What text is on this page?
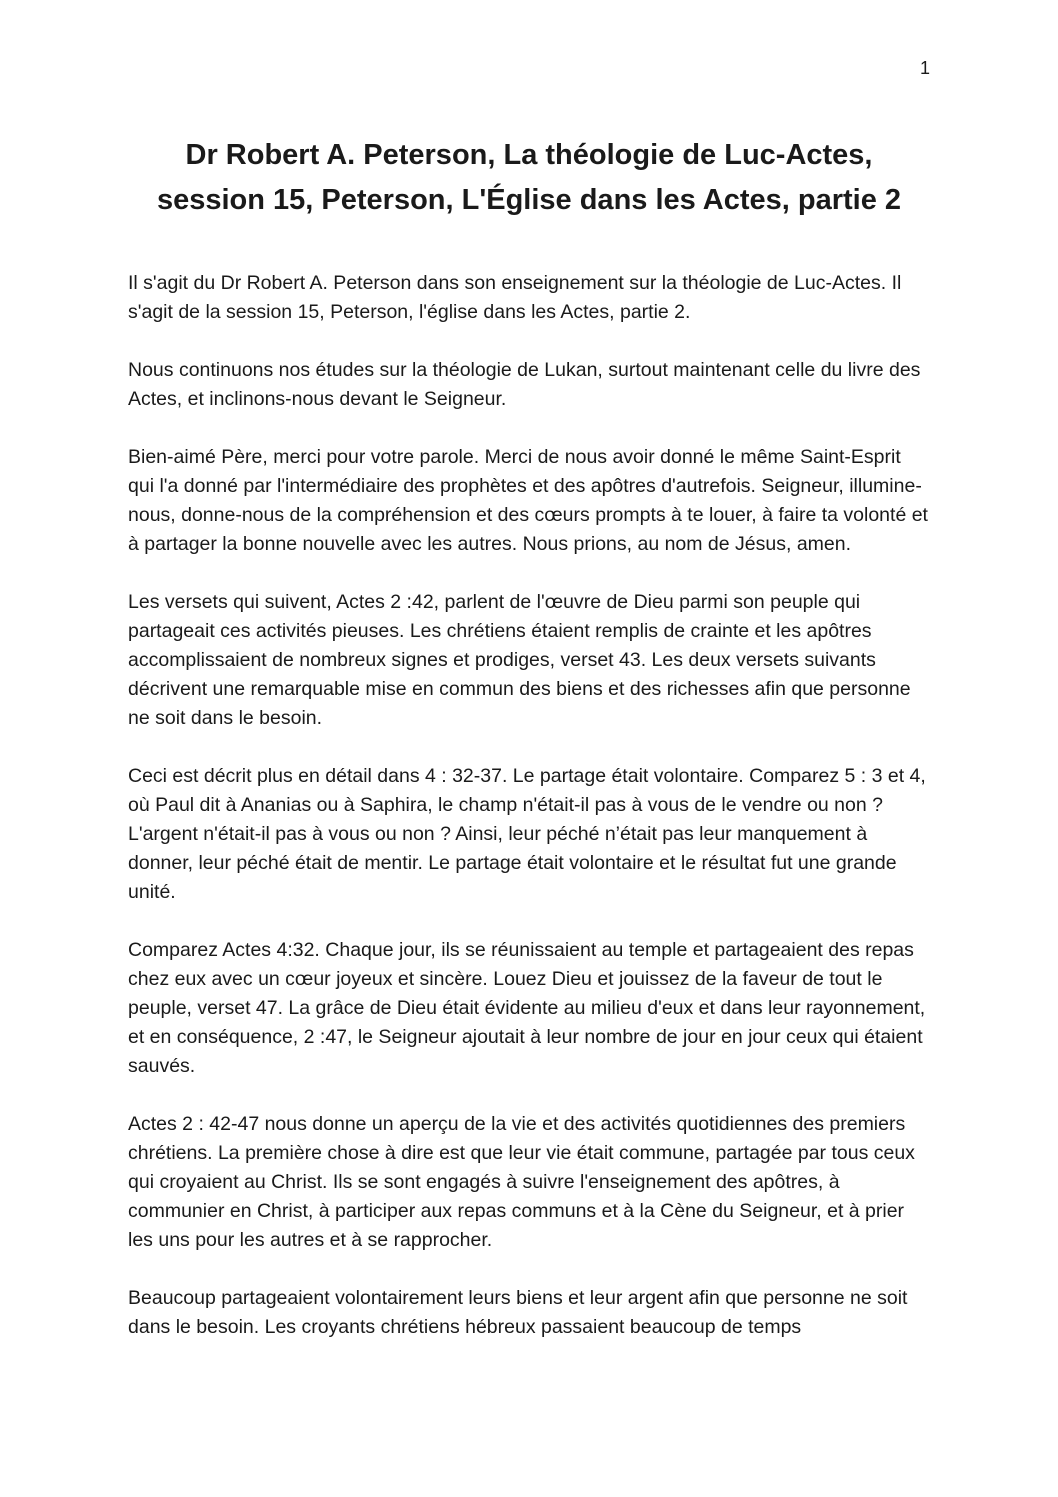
1
Dr Robert A. Peterson, La théologie de Luc-Actes,
session 15, Peterson, L'Église dans les Actes, partie 2

Il s'agit du Dr Robert A. Peterson dans son enseignement sur la théologie de Luc-Actes. Il s'agit de la session 15, Peterson, l'église dans les Actes, partie 2.

Nous continuons nos études sur la théologie de Lukan, surtout maintenant celle du livre des Actes, et inclinons-nous devant le Seigneur.

Bien-aimé Père, merci pour votre parole. Merci de nous avoir donné le même Saint-Esprit qui l'a donné par l'intermédiaire des prophètes et des apôtres d'autrefois. Seigneur, illumine-nous, donne-nous de la compréhension et des cœurs prompts à te louer, à faire ta volonté et à partager la bonne nouvelle avec les autres. Nous prions, au nom de Jésus, amen.

Les versets qui suivent, Actes 2 :42, parlent de l'œuvre de Dieu parmi son peuple qui partageait ces activités pieuses. Les chrétiens étaient remplis de crainte et les apôtres accomplissaient de nombreux signes et prodiges, verset 43. Les deux versets suivants décrivent une remarquable mise en commun des biens et des richesses afin que personne ne soit dans le besoin.

Ceci est décrit plus en détail dans 4 : 32-37. Le partage était volontaire. Comparez 5 : 3 et 4, où Paul dit à Ananias ou à Saphira, le champ n'était-il pas à vous de le vendre ou non ? L'argent n'était-il pas à vous ou non ? Ainsi, leur péché n’était pas leur manquement à donner, leur péché était de mentir. Le partage était volontaire et le résultat fut une grande unité.

Comparez Actes 4:32. Chaque jour, ils se réunissaient au temple et partageaient des repas chez eux avec un cœur joyeux et sincère. Louez Dieu et jouissez de la faveur de tout le peuple, verset 47. La grâce de Dieu était évidente au milieu d'eux et dans leur rayonnement, et en conséquence, 2 :47, le Seigneur ajoutait à leur nombre de jour en jour ceux qui étaient sauvés.

Actes 2 : 42-47 nous donne un aperçu de la vie et des activités quotidiennes des premiers chrétiens. La première chose à dire est que leur vie était commune, partagée par tous ceux qui croyaient au Christ. Ils se sont engagés à suivre l'enseignement des apôtres, à communier en Christ, à participer aux repas communs et à la Cène du Seigneur, et à prier les uns pour les autres et à se rapprocher.

Beaucoup partageaient volontairement leurs biens et leur argent afin que personne ne soit dans le besoin. Les croyants chrétiens hébreux passaient beaucoup de temps
